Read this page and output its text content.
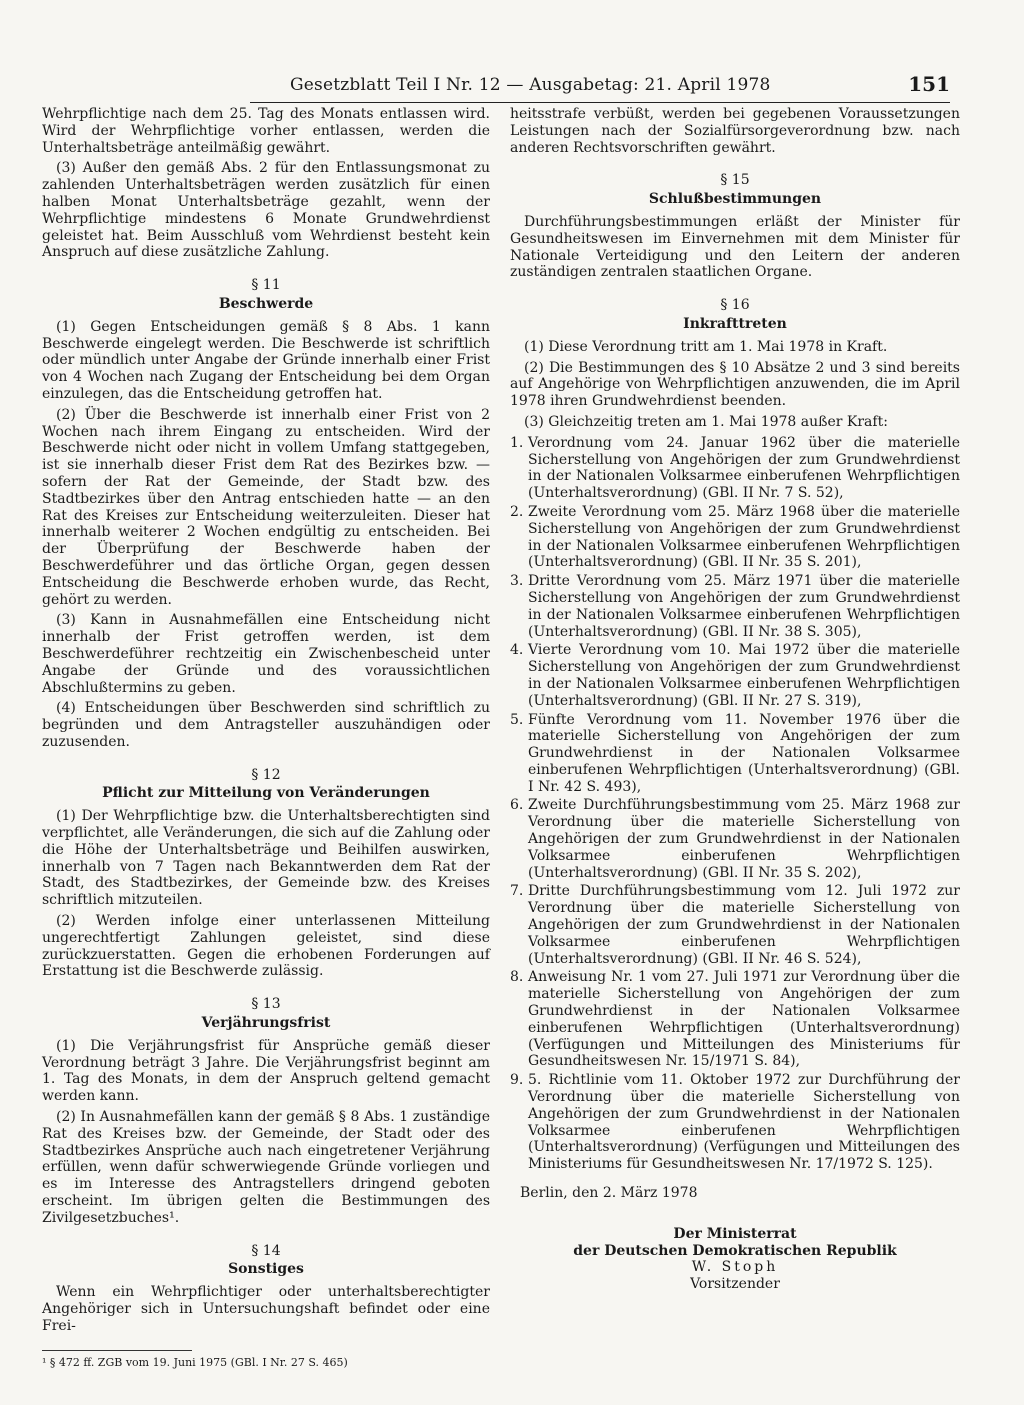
Gesetzblatt Teil I Nr. 12 — Ausgabetag: 21. April 1978	151

Wehrpflichtige nach dem 25. Tag des Monats entlassen wird. Wird der Wehrpflichtige vorher entlassen, werden die Unterhaltsbeträge anteilmäßig gewährt.

(3) Außer den gemäß Abs. 2 für den Entlassungsmonat zu zahlenden Unterhaltsbeträgen werden zusätzlich für einen halben Monat Unterhaltsbeträge gezahlt, wenn der Wehrpflichtige mindestens 6 Monate Grundwehrdienst geleistet hat. Beim Ausschluß vom Wehrdienst besteht kein Anspruch auf diese zusätzliche Zahlung.

§ 11
Beschwerde

(1) Gegen Entscheidungen gemäß § 8 Abs. 1 kann Beschwerde eingelegt werden. Die Beschwerde ist schriftlich oder mündlich unter Angabe der Gründe innerhalb einer Frist von 4 Wochen nach Zugang der Entscheidung bei dem Organ einzulegen, das die Entscheidung getroffen hat.

(2) Über die Beschwerde ist innerhalb einer Frist von 2 Wochen nach ihrem Eingang zu entscheiden. Wird der Beschwerde nicht oder nicht in vollem Umfang stattgegeben, ist sie innerhalb dieser Frist dem Rat des Bezirkes bzw. — sofern der Rat der Gemeinde, der Stadt bzw. des Stadtbezirkes über den Antrag entschieden hatte — an den Rat des Kreises zur Entscheidung weiterzuleiten. Dieser hat innerhalb weiterer 2 Wochen endgültig zu entscheiden. Bei der Überprüfung der Beschwerde haben der Beschwerdeführer und das örtliche Organ, gegen dessen Entscheidung die Beschwerde erhoben wurde, das Recht, gehört zu werden.

(3) Kann in Ausnahmefällen eine Entscheidung nicht innerhalb der Frist getroffen werden, ist dem Beschwerdeführer rechtzeitig ein Zwischenbescheid unter Angabe der Gründe und des voraussichtlichen Abschlußtermins zu geben.

(4) Entscheidungen über Beschwerden sind schriftlich zu begründen und dem Antragsteller auszuhändigen oder zuzusenden.

§ 12
Pflicht zur Mitteilung von Veränderungen

(1) Der Wehrpflichtige bzw. die Unterhaltsberechtigten sind verpflichtet, alle Veränderungen, die sich auf die Zahlung oder die Höhe der Unterhaltsbeträge und Beihilfen auswirken, innerhalb von 7 Tagen nach Bekanntwerden dem Rat der Stadt, des Stadtbezirkes, der Gemeinde bzw. des Kreises schriftlich mitzuteilen.

(2) Werden infolge einer unterlassenen Mitteilung ungerechtfertigt Zahlungen geleistet, sind diese zurückzuerstatten. Gegen die erhobenen Forderungen auf Erstattung ist die Beschwerde zulässig.

§ 13
Verjährungsfrist

(1) Die Verjährungsfrist für Ansprüche gemäß dieser Verordnung beträgt 3 Jahre. Die Verjährungsfrist beginnt am 1. Tag des Monats, in dem der Anspruch geltend gemacht werden kann.

(2) In Ausnahmefällen kann der gemäß § 8 Abs. 1 zuständige Rat des Kreises bzw. der Gemeinde, der Stadt oder des Stadtbezirkes Ansprüche auch nach eingetretener Verjährung erfüllen, wenn dafür schwerwiegende Gründe vorliegen und es im Interesse des Antragstellers dringend geboten erscheint. Im übrigen gelten die Bestimmungen des Zivilgesetzbuches¹.

§ 14
Sonstiges

Wenn ein Wehrpflichtiger oder unterhaltsberechtigter Angehöriger sich in Untersuchungshaft befindet oder eine Frei-

heitsstrafe verbüßt, werden bei gegebenen Voraussetzungen Leistungen nach der Sozialfürsorgeverordnung bzw. nach anderen Rechtsvorschriften gewährt.

§ 15
Schlußbestimmungen

Durchführungsbestimmungen erläßt der Minister für Gesundheitswesen im Einvernehmen mit dem Minister für Nationale Verteidigung und den Leitern der anderen zuständigen zentralen staatlichen Organe.

§ 16
Inkrafttreten

(1) Diese Verordnung tritt am 1. Mai 1978 in Kraft.

(2) Die Bestimmungen des § 10 Absätze 2 und 3 sind bereits auf Angehörige von Wehrpflichtigen anzuwenden, die im April 1978 ihren Grundwehrdienst beenden.

(3) Gleichzeitig treten am 1. Mai 1978 außer Kraft:

1. Verordnung vom 24. Januar 1962 über die materielle Sicherstellung von Angehörigen der zum Grundwehrdienst in der Nationalen Volksarmee einberufenen Wehrpflichtigen (Unterhaltsverordnung) (GBl. II Nr. 7 S. 52),
2. Zweite Verordnung vom 25. März 1968 über die materielle Sicherstellung von Angehörigen der zum Grundwehrdienst in der Nationalen Volksarmee einberufenen Wehrpflichtigen (Unterhaltsverordnung) (GBl. II Nr. 35 S. 201),
3. Dritte Verordnung vom 25. März 1971 über die materielle Sicherstellung von Angehörigen der zum Grundwehrdienst in der Nationalen Volksarmee einberufenen Wehrpflichtigen (Unterhaltsverordnung) (GBl. II Nr. 38 S. 305),
4. Vierte Verordnung vom 10. Mai 1972 über die materielle Sicherstellung von Angehörigen der zum Grundwehrdienst in der Nationalen Volksarmee einberufenen Wehrpflichtigen (Unterhaltsverordnung) (GBl. II Nr. 27 S. 319),
5. Fünfte Verordnung vom 11. November 1976 über die materielle Sicherstellung von Angehörigen der zum Grundwehrdienst in der Nationalen Volksarmee einberufenen Wehrpflichtigen (Unterhaltsverordnung) (GBl. I Nr. 42 S. 493),
6. Zweite Durchführungsbestimmung vom 25. März 1968 zur Verordnung über die materielle Sicherstellung von Angehörigen der zum Grundwehrdienst in der Nationalen Volksarmee einberufenen Wehrpflichtigen (Unterhaltsverordnung) (GBl. II Nr. 35 S. 202),
7. Dritte Durchführungsbestimmung vom 12. Juli 1972 zur Verordnung über die materielle Sicherstellung von Angehörigen der zum Grundwehrdienst in der Nationalen Volksarmee einberufenen Wehrpflichtigen (Unterhaltsverordnung) (GBl. II Nr. 46 S. 524),
8. Anweisung Nr. 1 vom 27. Juli 1971 zur Verordnung über die materielle Sicherstellung von Angehörigen der zum Grundwehrdienst in der Nationalen Volksarmee einberufenen Wehrpflichtigen (Unterhaltsverordnung) (Verfügungen und Mitteilungen des Ministeriums für Gesundheitswesen Nr. 15/1971 S. 84),
9. 5. Richtlinie vom 11. Oktober 1972 zur Durchführung der Verordnung über die materielle Sicherstellung von Angehörigen der zum Grundwehrdienst in der Nationalen Volksarmee einberufenen Wehrpflichtigen (Unterhaltsverordnung) (Verfügungen und Mitteilungen des Ministeriums für Gesundheitswesen Nr. 17/1972 S. 125).
Berlin, den 2. März 1978
Der Ministerrat
der Deutschen Demokratischen Republik
W. Stoph
Vorsitzender
¹ § 472 ff. ZGB vom 19. Juni 1975 (GBl. I Nr. 27 S. 465)
